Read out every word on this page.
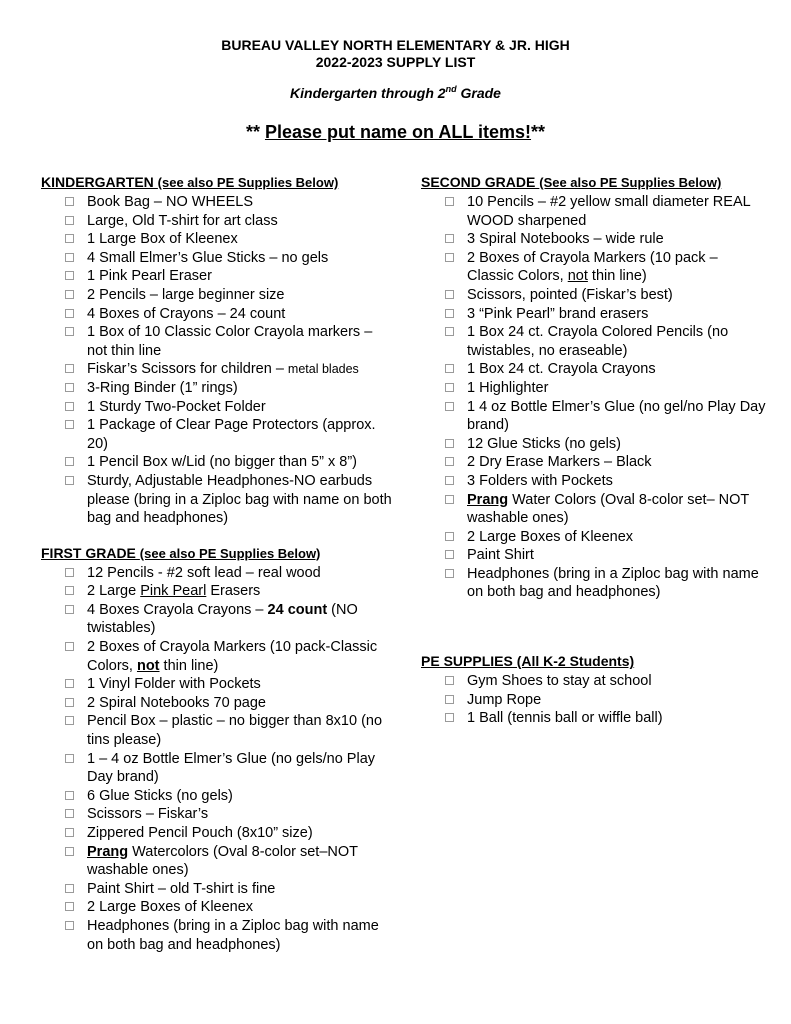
BUREAU VALLEY NORTH ELEMENTARY & JR. HIGH
2022-2023 SUPPLY LIST
Kindergarten through 2nd Grade
** Please put name on ALL items!**
KINDERGARTEN (see also PE Supplies Below)
Book Bag – NO WHEELS
Large, Old T-shirt for art class
1 Large Box of Kleenex
4 Small Elmer’s Glue Sticks – no gels
1 Pink Pearl Eraser
2 Pencils – large beginner size
4 Boxes of Crayons – 24 count
1 Box of 10 Classic Color Crayola markers – not thin line
Fiskar’s Scissors for children – metal blades
3-Ring Binder (1” rings)
1 Sturdy Two-Pocket Folder
1 Package of Clear Page Protectors (approx. 20)
1 Pencil Box w/Lid (no bigger than 5” x 8”)
Sturdy, Adjustable Headphones-NO earbuds please (bring in a Ziploc bag with name on both bag and headphones)
FIRST GRADE (see also PE Supplies Below)
12 Pencils - #2 soft lead – real wood
2 Large Pink Pearl Erasers
4 Boxes Crayola Crayons – 24 count (NO twistables)
2 Boxes of Crayola Markers (10 pack-Classic Colors, not thin line)
1 Vinyl Folder with Pockets
2 Spiral Notebooks 70 page
Pencil Box – plastic – no bigger than 8x10 (no tins please)
1 – 4 oz Bottle Elmer’s Glue (no gels/no Play Day brand)
6 Glue Sticks (no gels)
Scissors – Fiskar’s
Zippered Pencil Pouch (8x10” size)
Prang Watercolors (Oval 8-color set–NOT washable ones)
Paint Shirt – old T-shirt is fine
2 Large Boxes of Kleenex
Headphones (bring in a Ziploc bag with name on both bag and headphones)
SECOND GRADE (See also PE Supplies Below)
10 Pencils – #2 yellow small diameter REAL WOOD sharpened
3 Spiral Notebooks – wide rule
2 Boxes of Crayola Markers (10 pack – Classic Colors, not thin line)
Scissors, pointed (Fiskar’s best)
3 “Pink Pearl” brand erasers
1 Box 24 ct. Crayola Colored Pencils (no twistables, no eraseable)
1 Box 24 ct. Crayola Crayons
1 Highlighter
1 4 oz Bottle Elmer’s Glue (no gel/no Play Day brand)
12 Glue Sticks (no gels)
2 Dry Erase Markers – Black
3 Folders with Pockets
Prang Water Colors (Oval 8-color set– NOT washable ones)
2 Large Boxes of Kleenex
Paint Shirt
Headphones (bring in a Ziploc bag with name on both bag and headphones)
PE SUPPLIES (All K-2 Students)
Gym Shoes to stay at school
Jump Rope
1 Ball (tennis ball or wiffle ball)
